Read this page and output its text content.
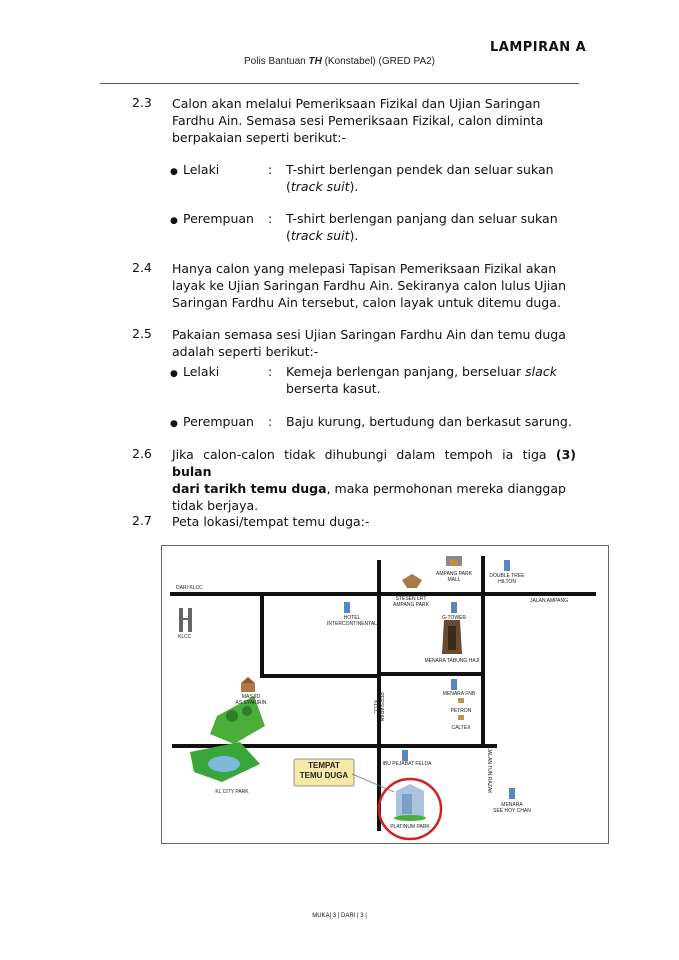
LAMPIRAN A
Polis Bantuan TH (Konstabel) (GRED PA2)
2.3 Calon akan melalui Pemeriksaan Fizikal dan Ujian Saringan
Fardhu Ain. Semasa sesi Pemeriksaan Fizikal, calon diminta
berpakaian seperti berikut:-
● Lelaki	: T-shirt berlengan pendek dan seluar sukan
(track suit).
● Perempuan : T-shirt berlengan panjang dan seluar sukan
(track suit).
2.4 Hanya calon yang melepasi Tapisan Pemeriksaan Fizikal akan
layak ke Ujian Saringan Fardhu Ain. Sekiranya calon lulus Ujian
Saringan Fardhu Ain tersebut, calon layak untuk ditemu duga.
2.5 Pakaian semasa sesi Ujian Saringan Fardhu Ain dan temu duga
adalah seperti berikut:-
● Lelaki	: Kemeja berlengan panjang, berseluar slack
berserta kasut.
● Perempuan : Baju kurung, bertudung dan berkasut sarung.
2.6 Jika calon-calon tidak dihubungi dalam tempoh ia tiga (3) bulan
dari tarikh temu duga, maka permohonan mereka dianggap
tidak berjaya.
2.7 Peta lokasi/tempat temu duga:-
DARI KLCC
KLCC
HOTEL
INTERCONTINENTAL
AMPANG PARK
MALL
STESEN LRT
AMPANG PARK
DOUBLE TREE
HILTON
JALAN AMPANG
G-TOWER
MENARA TABUNG HAJI
MASJID
AS SYAKIRIN	PERSIARAN KLCC
MENARA FNB
PETRON
CALTEX
JALAN TUN RAZAK
KL CITY PARK
TEMPAT
TEMU DUGA
IBU PEJABAT FELDA
PLATINUM PARK
MENARA
SEE HOY CHAN
MUKA| 3 | DARI | 3 |
